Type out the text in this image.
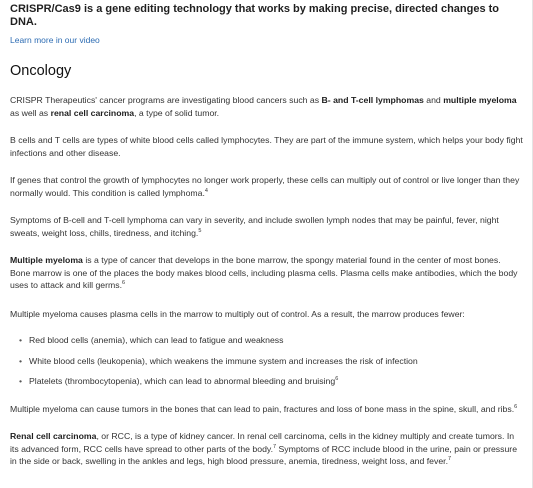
CRISPR/Cas9 is a gene editing technology that works by making precise, directed changes to DNA.

Learn more in our video
Oncology

CRISPR Therapeutics' cancer programs are investigating blood cancers such as B- and T-cell lymphomas and multiple myeloma as well as renal cell carcinoma, a type of solid tumor.

B cells and T cells are types of white blood cells called lymphocytes. They are part of the immune system, which helps your body fight infections and other disease.

If genes that control the growth of lymphocytes no longer work properly, these cells can multiply out of control or live longer than they normally would. This condition is called lymphoma.$^4$

Symptoms of B-cell and T-cell lymphoma can vary in severity, and include swollen lymph nodes that may be painful, fever, night sweats, weight loss, chills, tiredness, and itching.$^5$

Multiple myeloma is a type of cancer that develops in the bone marrow, the spongy material found in the center of most bones. Bone marrow is one of the places the body makes blood cells, including plasma cells. Plasma cells make antibodies, which the body uses to attack and kill germs.$^6$

Multiple myeloma causes plasma cells in the marrow to multiply out of control. As a result, the marrow produces fewer:

• Red blood cells (anemia), which can lead to fatigue and weakness
• White blood cells (leukopenia), which weakens the immune system and increases the risk of infection
• Platelets (thrombocytopenia), which can lead to abnormal bleeding and bruising$^6$

Multiple myeloma can cause tumors in the bones that can lead to pain, fractures and loss of bone mass in the spine, skull, and ribs.$^6$

Renal cell carcinoma, or RCC, is a type of kidney cancer. In renal cell carcinoma, cells in the kidney multiply and create tumors. In its advanced form, RCC cells have spread to other parts of the body.$^7$ Symptoms of RCC include blood in the urine, pain or pressure in the side or back, swelling in the ankles and legs, high blood pressure, anemia, tiredness, weight loss, and fever.$^7$
